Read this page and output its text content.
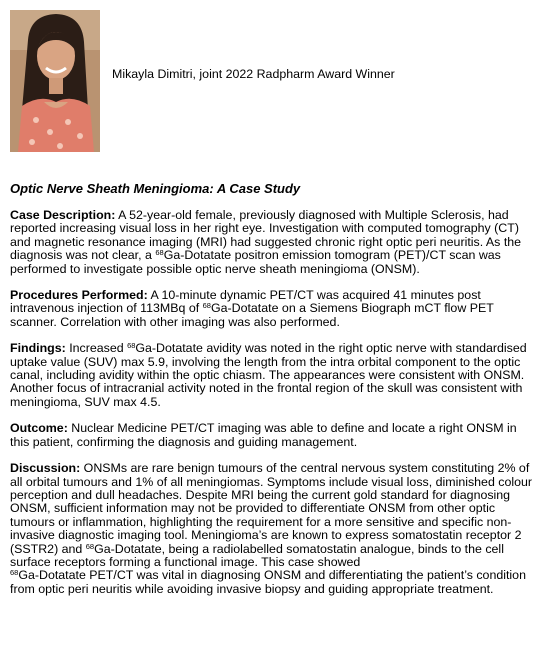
Mikayla Dimitri, joint 2022 Radpharm Award Winner
Optic Nerve Sheath Meningioma: A Case Study

Case Description: A 52-year-old female, previously diagnosed with Multiple Sclerosis, had reported increasing visual loss in her right eye. Investigation with computed tomography (CT) and magnetic resonance imaging (MRI) had suggested chronic right optic peri neuritis. As the diagnosis was not clear, a $^{68}$Ga-Dotatate positron emission tomogram (PET)/CT scan was performed to investigate possible optic nerve sheath meningioma (ONSM).

Procedures Performed: A 10-minute dynamic PET/CT was acquired 41 minutes post intravenous injection of 113MBq of $^{68}$Ga-Dotatate on a Siemens Biograph mCT flow PET scanner. Correlation with other imaging was also performed.

Findings: Increased $^{68}$Ga-Dotatate avidity was noted in the right optic nerve with standardised uptake value (SUV) max 5.9, involving the length from the intra orbital component to the optic canal, including avidity within the optic chiasm. The appearances were consistent with ONSM. Another focus of intracranial activity noted in the frontal region of the skull was consistent with meningioma, SUV max 4.5.

Outcome: Nuclear Medicine PET/CT imaging was able to define and locate a right ONSM in this patient, confirming the diagnosis and guiding management.

Discussion: ONSMs are rare benign tumours of the central nervous system constituting 2% of all orbital tumours and 1% of all meningiomas. Symptoms include visual loss, diminished colour perception and dull headaches. Despite MRI being the current gold standard for diagnosing ONSM, sufficient information may not be provided to differentiate ONSM from other optic tumours or inflammation, highlighting the requirement for a more sensitive and specific non-invasive diagnostic imaging tool. Meningioma’s are known to express somatostatin receptor 2 (SSTR2) and $^{68}$Ga-Dotatate, being a radiolabelled somatostatin analogue, binds to the cell surface receptors forming a functional image. This case showed
$^{68}$Ga-Dotatate PET/CT was vital in diagnosing ONSM and differentiating the patient’s condition from optic peri neuritis while avoiding invasive biopsy and guiding appropriate treatment.
